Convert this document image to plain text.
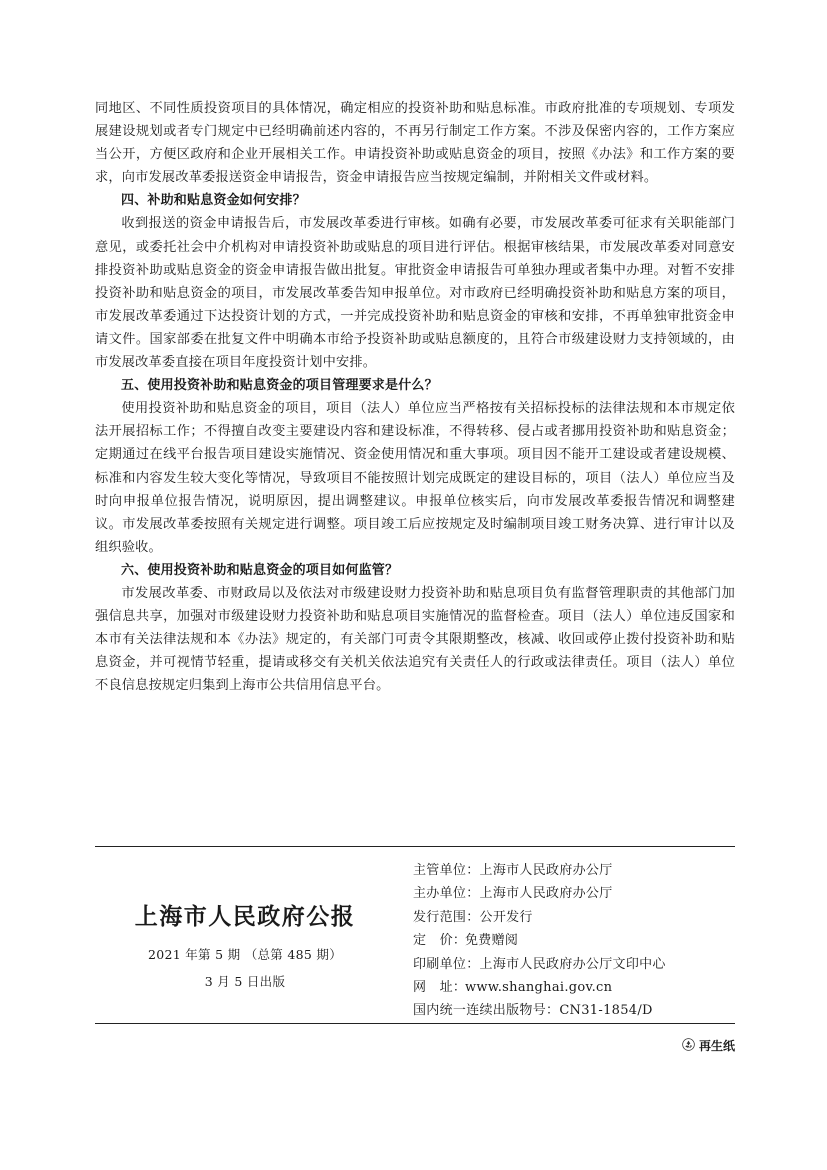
同地区、不同性质投资项目的具体情况，确定相应的投资补助和贴息标准。市政府批准的专项规划、专项发展建设规划或者专门规定中已经明确前述内容的，不再另行制定工作方案。不涉及保密内容的，工作方案应当公开，方便区政府和企业开展相关工作。申请投资补助或贴息资金的项目，按照《办法》和工作方案的要求，向市发展改革委报送资金申请报告，资金申请报告应当按规定编制，并附相关文件或材料。

四、补助和贴息资金如何安排？

收到报送的资金申请报告后，市发展改革委进行审核。如确有必要，市发展改革委可征求有关职能部门意见，或委托社会中介机构对申请投资补助或贴息的项目进行评估。根据审核结果，市发展改革委对同意安排投资补助或贴息资金的资金申请报告做出批复。审批资金申请报告可单独办理或者集中办理。对暂不安排投资补助和贴息资金的项目，市发展改革委告知申报单位。对市政府已经明确投资补助和贴息方案的项目，市发展改革委通过下达投资计划的方式，一并完成投资补助和贴息资金的审核和安排，不再单独审批资金申请文件。国家部委在批复文件中明确本市给予投资补助或贴息额度的，且符合市级建设财力支持领域的，由市发展改革委直接在项目年度投资计划中安排。

五、使用投资补助和贴息资金的项目管理要求是什么？

使用投资补助和贴息资金的项目，项目（法人）单位应当严格按有关招标投标的法律法规和本市规定依法开展招标工作；不得擅自改变主要建设内容和建设标准，不得转移、侵占或者挪用投资补助和贴息资金；定期通过在线平台报告项目建设实施情况、资金使用情况和重大事项。项目因不能开工建设或者建设规模、标准和内容发生较大变化等情况，导致项目不能按照计划完成既定的建设目标的，项目（法人）单位应当及时向申报单位报告情况，说明原因，提出调整建议。申报单位核实后，向市发展改革委报告情况和调整建议。市发展改革委按照有关规定进行调整。项目竣工后应按规定及时编制项目竣工财务决算、进行审计以及组织验收。

六、使用投资补助和贴息资金的项目如何监管？

市发展改革委、市财政局以及依法对市级建设财力投资补助和贴息项目负有监督管理职责的其他部门加强信息共享，加强对市级建设财力投资补助和贴息项目实施情况的监督检查。项目（法人）单位违反国家和本市有关法律法规和本《办法》规定的，有关部门可责令其限期整改，核减、收回或停止拨付投资补助和贴息资金，并可视情节轻重，提请或移交有关机关依法追究有关责任人的行政或法律责任。项目（法人）单位不良信息按规定归集到上海市公共信用信息平台。

上海市人民政府公报
2021 年第 5 期 （总第 485 期）
3 月 5 日出版
主管单位： 上海市人民政府办公厅
主办单位： 上海市人民政府办公厅
发行范围： 公开发行
定　价：
免费赠阅
印刷单位： 上海市人民政府办公厅文印中心
网　址：
www.shanghai.gov.cn
国内统一连续出版物号： CN31-1854/D
再生纸
